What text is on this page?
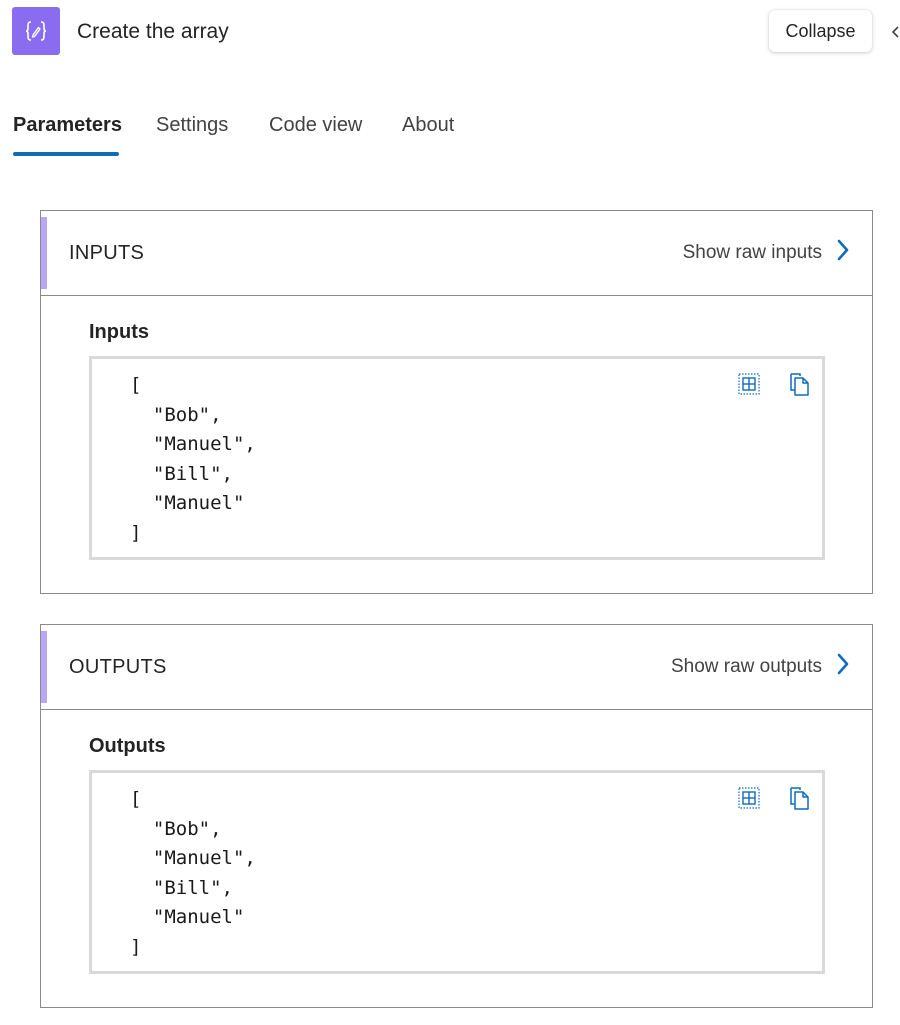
Create the array	Collapse
Parameters Settings Code view About
INPUTS	Show raw inputs
Inputs
[
"Bob",
"Manuel",
"Bill",
"Manuel"
]
OUTPUTS	Show raw outputs
Outputs
[
"Bob",
"Manuel",
"Bill",
"Manuel"
]
